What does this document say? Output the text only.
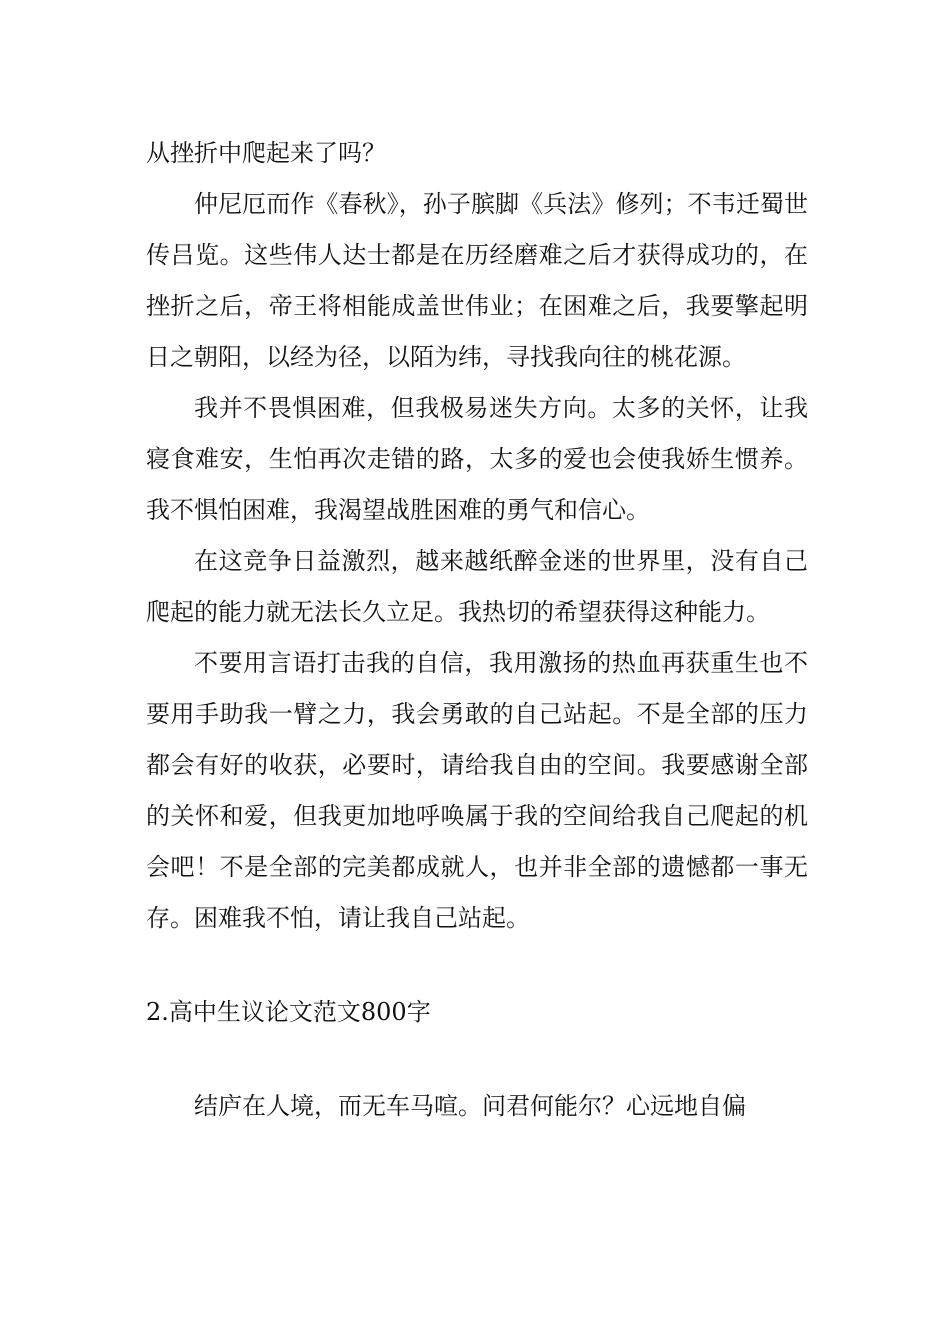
从挫折中爬起来了吗？

仲尼厄而作《春秋》，孙子膑脚《兵法》修列；不韦迁蜀世传吕览。这些伟人达士都是在历经磨难之后才获得成功的，在挫折之后，帝王将相能成盖世伟业；在困难之后，我要擎起明日之朝阳，以经为径，以陌为纬，寻找我向往的桃花源。

我并不畏惧困难，但我极易迷失方向。太多的关怀，让我寝食难安，生怕再次走错的路，太多的爱也会使我娇生惯养。我不惧怕困难，我渴望战胜困难的勇气和信心。

在这竞争日益激烈，越来越纸醉金迷的世界里，没有自己爬起的能力就无法长久立足。我热切的希望获得这种能力。

不要用言语打击我的自信，我用激扬的热血再获重生也不要用手助我一臂之力，我会勇敢的自己站起。不是全部的压力都会有好的收获，必要时，请给我自由的空间。我要感谢全部的关怀和爱，但我更加地呼唤属于我的空间给我自己爬起的机会吧！不是全部的完美都成就人，也并非全部的遗憾都一事无存。困难我不怕，请让我自己站起。

2.高中生议论文范文800字

结庐在人境，而无车马喧。问君何能尔？心远地自偏
